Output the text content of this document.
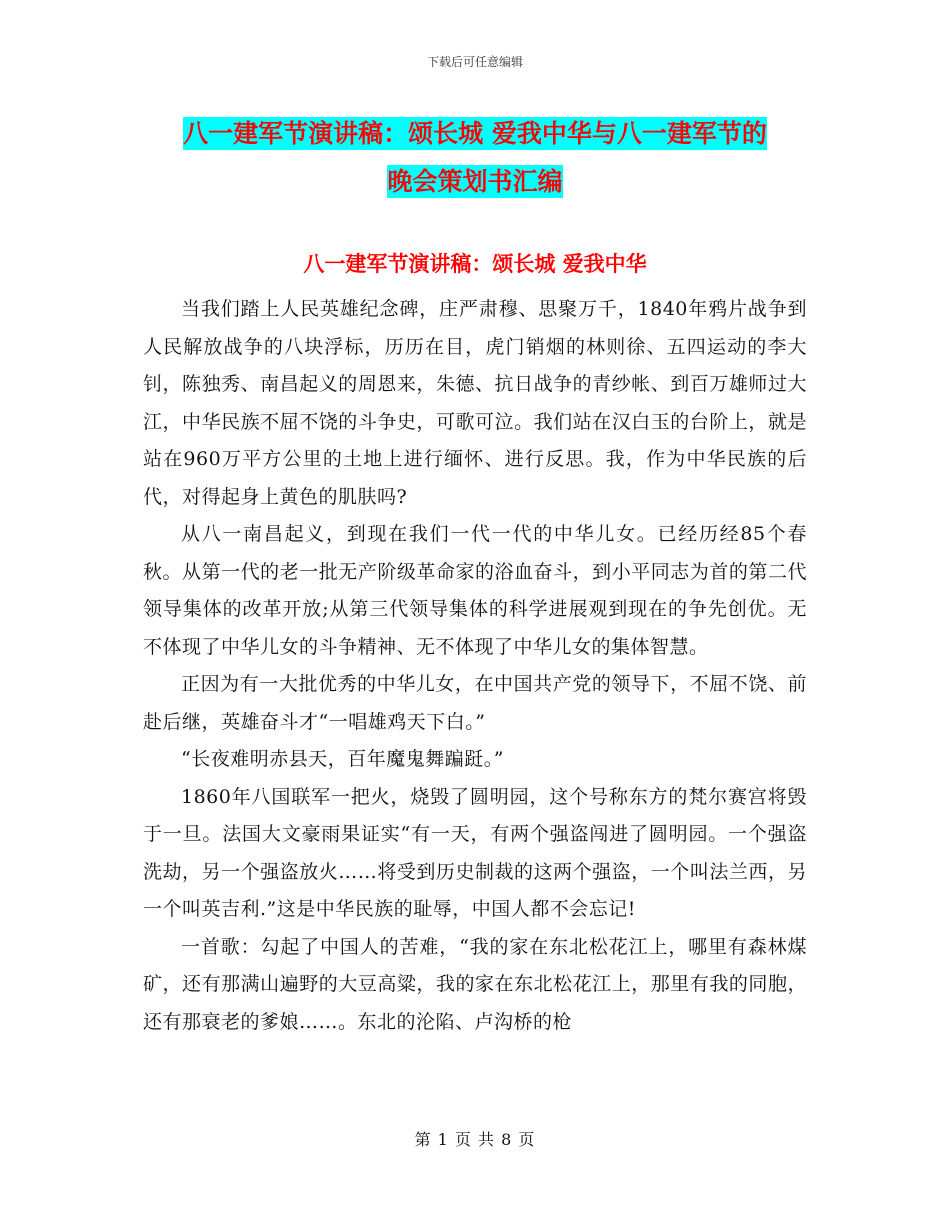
下载后可任意编辑
八一建军节演讲稿：颂长城 爱我中华与八一建军节的
晚会策划书汇编
八一建军节演讲稿：颂长城 爱我中华

当我们踏上人民英雄纪念碑，庄严肃穆、思聚万千，1840年鸦片战争到人民解放战争的八块浮标，历历在目，虎门销烟的林则徐、五四运动的李大钊，陈独秀、南昌起义的周恩来，朱德、抗日战争的青纱帐、到百万雄师过大江，中华民族不屈不饶的斗争史，可歌可泣。我们站在汉白玉的台阶上，就是站在960万平方公里的土地上进行缅怀、进行反思。我，作为中华民族的后代，对得起身上黄色的肌肤吗?

从八一南昌起义，到现在我们一代一代的中华儿女。已经历经85个春秋。从第一代的老一批无产阶级革命家的浴血奋斗，到小平同志为首的第二代领导集体的改革开放;从第三代领导集体的科学进展观到现在的争先创优。无不体现了中华儿女的斗争精神、无不体现了中华儿女的集体智慧。

正因为有一大批优秀的中华儿女，在中国共产党的领导下，不屈不饶、前赴后继，英雄奋斗才“一唱雄鸡天下白。”

“长夜难明赤县天，百年魔鬼舞蹁跹。”

1860年八国联军一把火，烧毁了圆明园，这个号称东方的梵尔赛宫将毁于一旦。法国大文豪雨果证实“有一天，有两个强盗闯进了圆明园。一个强盗洗劫，另一个强盗放火……将受到历史制裁的这两个强盗，一个叫法兰西，另一个叫英吉利.”这是中华民族的耻辱，中国人都不会忘记!

一首歌：勾起了中国人的苦难，“我的家在东北松花江上，哪里有森林煤矿，还有那满山遍野的大豆高粱，我的家在东北松花江上，那里有我的同胞，还有那衰老的爹娘……。东北的沦陷、卢沟桥的枪

第 1 页 共 8 页
